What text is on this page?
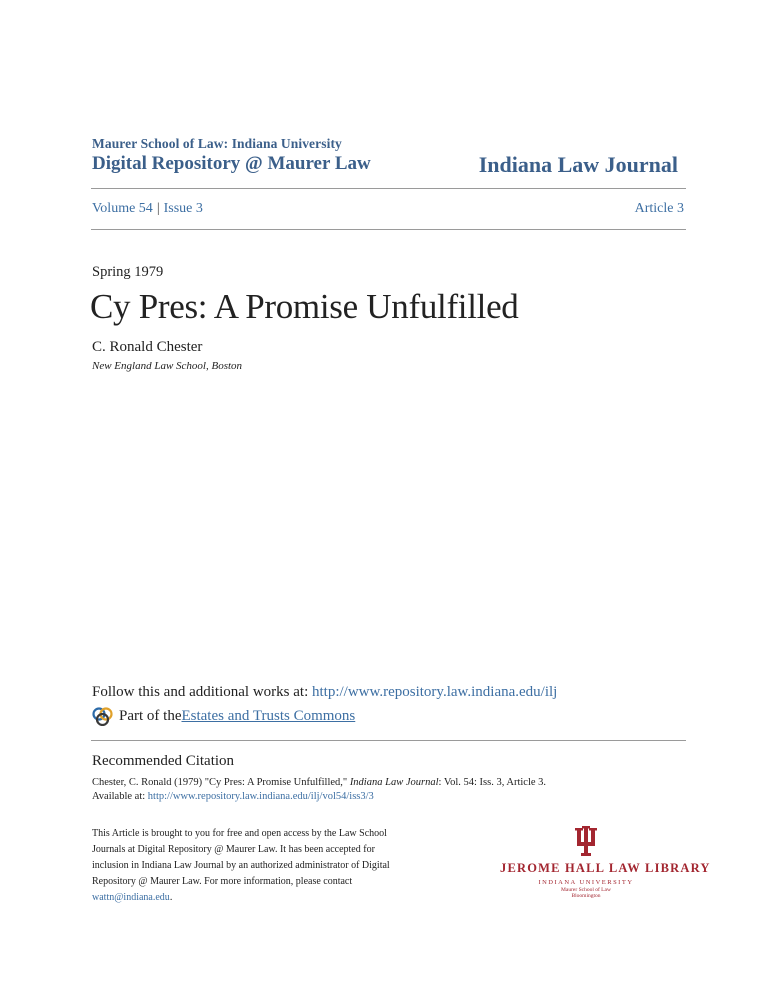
Maurer School of Law: Indiana University
Digital Repository @ Maurer Law	Indiana Law Journal
Volume 54 | Issue 3	Article 3
Spring 1979
Cy Pres: A Promise Unfulfilled
C. Ronald Chester
New England Law School, Boston
Follow this and additional works at: http://www.repository.law.indiana.edu/ilj
Part of the Estates and Trusts Commons
Recommended Citation
Chester, C. Ronald (1979) "Cy Pres: A Promise Unfulfilled," Indiana Law Journal: Vol. 54: Iss. 3, Article 3.
Available at: http://www.repository.law.indiana.edu/ilj/vol54/iss3/3
This Article is brought to you for free and open access by the Law School Journals at Digital Repository @ Maurer Law. It has been accepted for inclusion in Indiana Law Journal by an authorized administrator of Digital Repository @ Maurer Law. For more information, please contact wattn@indiana.edu.
JEROME HALL LAW LIBRARY
INDIANA UNIVERSITY
Maurer School of Law
Bloomington
